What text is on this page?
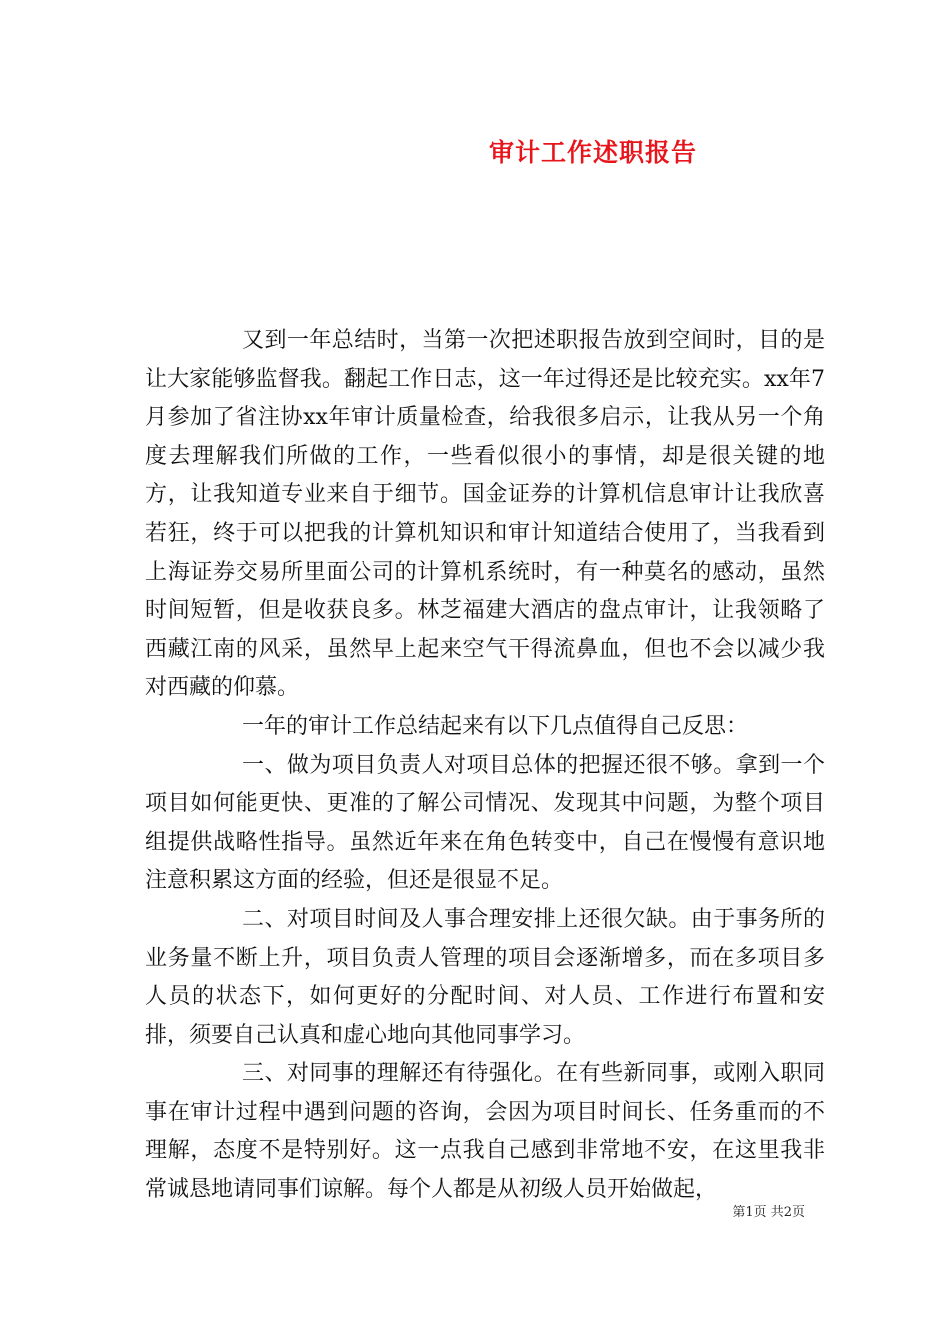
审计工作述职报告

又到一年总结时，当第一次把述职报告放到空间时，目的是让大家能够监督我。翻起工作日志，这一年过得还是比较充实。xx年7月参加了省注协xx年审计质量检查，给我很多启示，让我从另一个角度去理解我们所做的工作，一些看似很小的事情，却是很关键的地方，让我知道专业来自于细节。国金证券的计算机信息审计让我欣喜若狂，终于可以把我的计算机知识和审计知道结合使用了，当我看到上海证券交易所里面公司的计算机系统时，有一种莫名的感动，虽然时间短暂，但是收获良多。林芝福建大酒店的盘点审计，让我领略了西藏江南的风采，虽然早上起来空气干得流鼻血，但也不会以减少我对西藏的仰慕。

一年的审计工作总结起来有以下几点值得自己反思：

一、做为项目负责人对项目总体的把握还很不够。拿到一个项目如何能更快、更准的了解公司情况、发现其中问题，为整个项目组提供战略性指导。虽然近年来在角色转变中，自己在慢慢有意识地注意积累这方面的经验，但还是很显不足。

二、对项目时间及人事合理安排上还很欠缺。由于事务所的业务量不断上升，项目负责人管理的项目会逐渐增多，而在多项目多人员的状态下，如何更好的分配时间、对人员、工作进行布置和安排，须要自己认真和虚心地向其他同事学习。

三、对同事的理解还有待强化。在有些新同事，或刚入职同事在审计过程中遇到问题的咨询，会因为项目时间长、任务重而的不理解，态度不是特别好。这一点我自己感到非常地不安，在这里我非常诚恳地请同事们谅解。每个人都是从初级人员开始做起，

第1页 共2页
